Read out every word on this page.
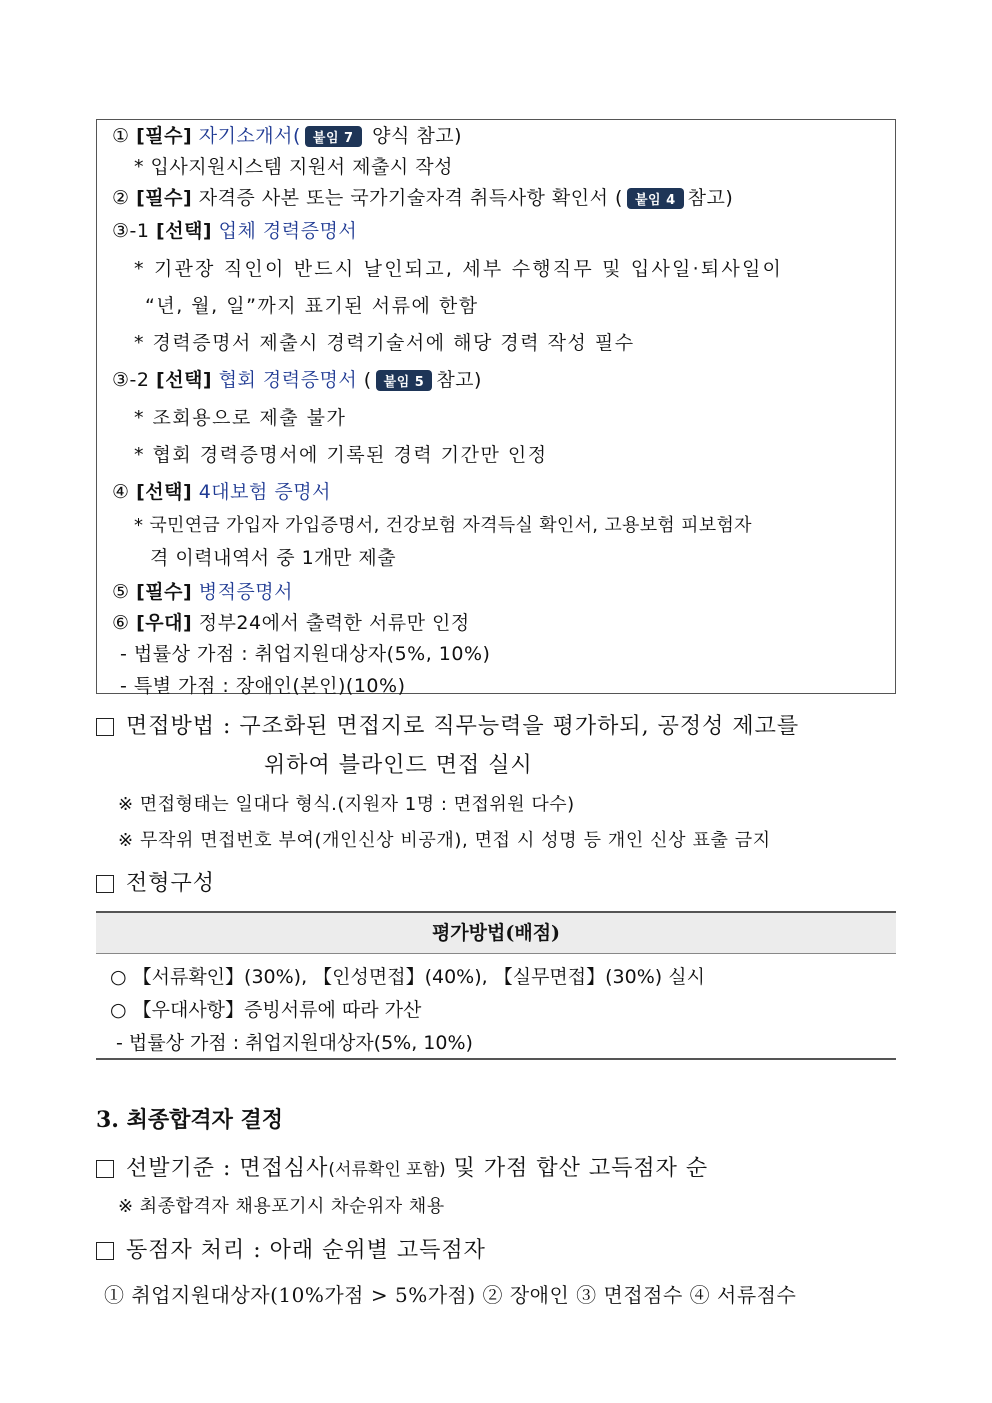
① [필수] 자기소개서( 붙임 7 양식 참고)
* 입사지원시스템 지원서 제출시 작성
② [필수] 자격증 사본 또는 국가기술자격 취득사항 확인서 ( 붙임 4 참고)
③-1 [선택] 업체 경력증명서
* 기관장 직인이 반드시 날인되고, 세부 수행직무 및 입사일·퇴사일이
“년, 월, 일”까지 표기된 서류에 한함
* 경력증명서 제출시 경력기술서에 해당 경력 작성 필수
③-2 [선택] 협회 경력증명서 ( 붙임 5 참고)
* 조회용으로 제출 불가
* 협회 경력증명서에 기록된 경력 기간만 인정
④ [선택] 4대보험 증명서
* 국민연금 가입자 가입증명서, 건강보험 자격득실 확인서, 고용보험 피보험자
격 이력내역서 중 1개만 제출
⑤ [필수] 병적증명서
⑥ [우대] 정부24에서 출력한 서류만 인정
- 법률상 가점 : 취업지원대상자(5%, 10%)
- 특별 가점 : 장애인(본인)(10%)
면접방법 : 구조화된 면접지로 직무능력을 평가하되, 공정성 제고를
위하여 블라인드 면접 실시
※ 면접형태는 일대다 형식.(지원자 1명 : 면접위원 다수)
※ 무작위 면접번호 부여(개인신상 비공개), 면접 시 성명 등 개인 신상 표출 금지
전형구성
평가방법(배점)
○ 【서류확인】(30%), 【인성면접】(40%), 【실무면접】(30%) 실시
○ 【우대사항】증빙서류에 따라 가산
- 법률상 가점 : 취업지원대상자(5%, 10%)
3. 최종합격자 결정
선발기준 : 면접심사(서류확인 포함) 및 가점 합산 고득점자 순
※ 최종합격자 채용포기시 차순위자 채용
동점자 처리 : 아래 순위별 고득점자
① 취업지원대상자(10%가점 > 5%가점) ② 장애인 ③ 면접점수 ④ 서류점수
